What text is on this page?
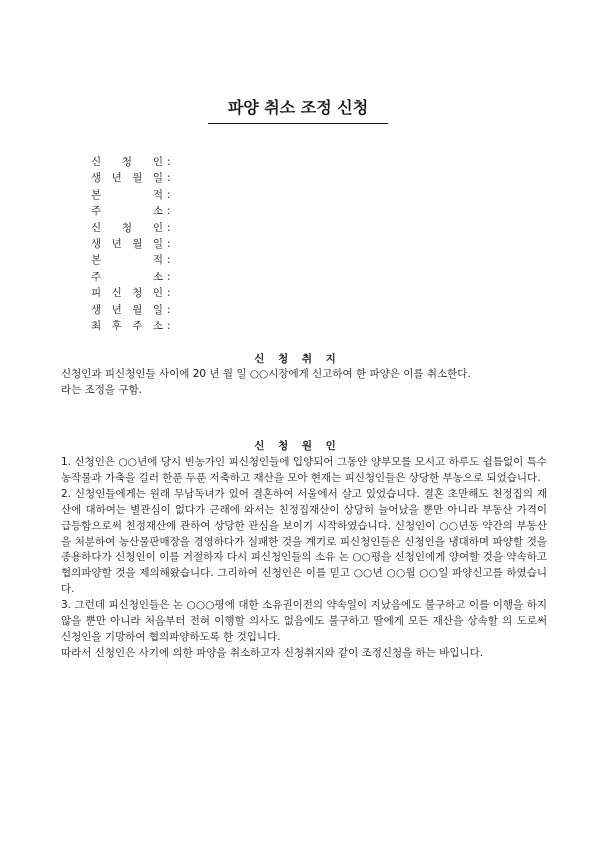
파양 취소 조정 신청
신 청 인 :
생 년 월 일 :
본	적 :
주	소 :
신 청 인 :
생 년 월 일 :
본	적 :
주	소 :
피 신 청 인 :
생 년 월 일 :
최 후 주 소 :
신 청 취 지

신청인과 피신청인들 사이에 20 년 월 일 ○○시장에게 신고하여 한 파양은 이를 취소한다.

라는 조정을 구함.

신 청 원 인

1. 신청인은 ○○년에 당시 빈농가인 피신청인들에 입양되어 그동안 양부모를 모시고 하루도 쉴틈없이 특수농작물과 가축을 길러 한푼 두푼 저축하고 재산을 모아 현재는 피신청인들은 상당한 부농으로 되었습니다.

2. 신청인들에게는 원래 무남독녀가 있어 결혼하여 서울에서 살고 있었습니다. 결혼 초만해도 친정집의 재산에 대하여는 별관심이 없다가 근래에 와서는 친정집재산이 상당히 늘어났을 뿐만 아니라 부동산 가격이 급등함으로써 친정재산에 관하여 상당한 관심을 보이기 시작하였습니다. 신청인이 ○○년동 약간의 부동산을 처분하여 농산물판매장을 경영하다가 실패한 것을 계기로 피신청인들은 신청인을 냉대하며 파양할 것을 종용하다가 신청인이 이를 거절하자 다시 피신청인들의 소유 논 ○○평을 신청인에게 양여할 것을 약속하고 협의파양할 것을 제의해왔습니다. 그리하여 신청인은 이를 믿고 ○○년 ○○월 ○○일 파양신고를 하였습니다.

3. 그런데 피신청인들은 논 ○○○평에 대한 소유권이전의 약속일이 지났음에도 불구하고 이를 이행을 하지 않을 뿐만 아니라 처음부터 전혀 이행할 의사도 없음에도 불구하고 딸에게 모든 재산을 상속할 의 도로써 신청인을 기망하여 협의파양하도록 한 것입니다.

따라서 신청인은 사기에 의한 파양을 취소하고자 신청취지와 같이 조정신청을 하는 바입니다.
